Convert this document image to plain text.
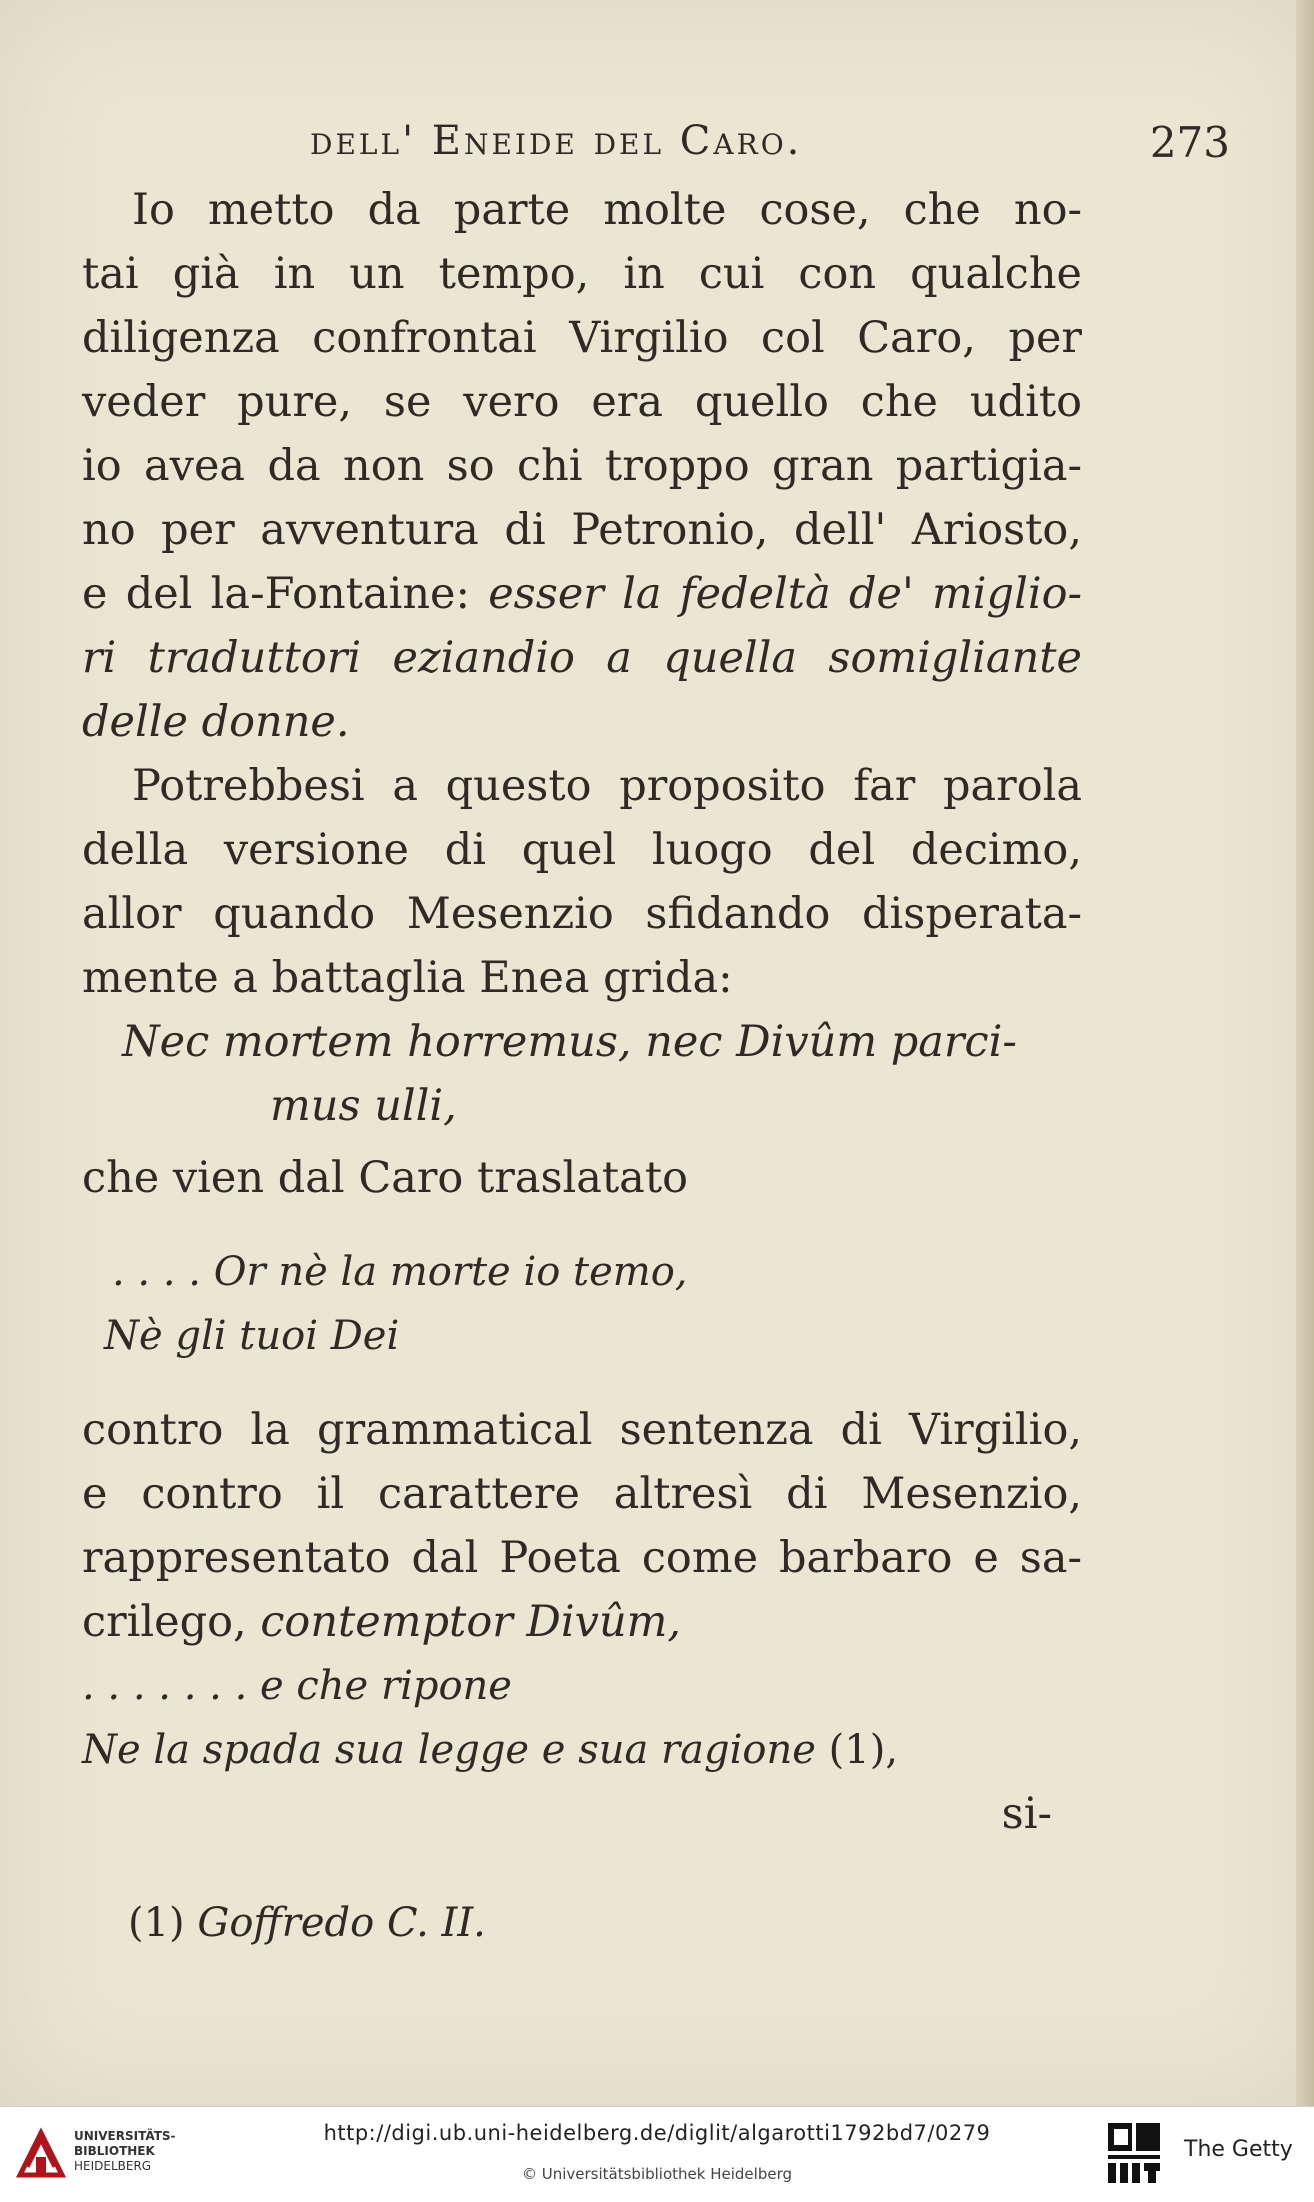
dell' Eneide del Caro.	273
Io metto da parte molte cose, che no-
tai già in un tempo, in cui con qualche
diligenza confrontai Virgilio col Caro, per
veder pure, se vero era quello che udito
io avea da non so chi troppo gran partigia-
no per avventura di Petronio, dell' Ariosto,
e del la-Fontaine: esser la fedeltà de' miglio-
ri traduttori eziandio a quella somigliante
delle donne.
Potrebbesi a questo proposito far parola
della versione di quel luogo del decimo,
allor quando Mesenzio sfidando disperata-
mente a battaglia Enea grida:
Nec mortem horremus, nec Divûm parci-
mus ulli,
che vien dal Caro traslatato
. . . . Or nè la morte io temo,
Nè gli tuoi Dei
contro la grammatical sentenza di Virgilio,
e contro il carattere altresì di Mesenzio,
rappresentato dal Poeta come barbaro e sa-
crilego, contemptor Divûm,
. . . . . . . e che ripone
Ne la spada sua legge e sua ragione (1),
si-
(1) Goffredo C. II.
UNIVERSITÄTS-
BIBLIOTHEK
HEIDELBERG
http://digi.ub.uni-heidelberg.de/diglit/algarotti1792bd7/0279
© Universitätsbibliothek Heidelberg
The Getty
